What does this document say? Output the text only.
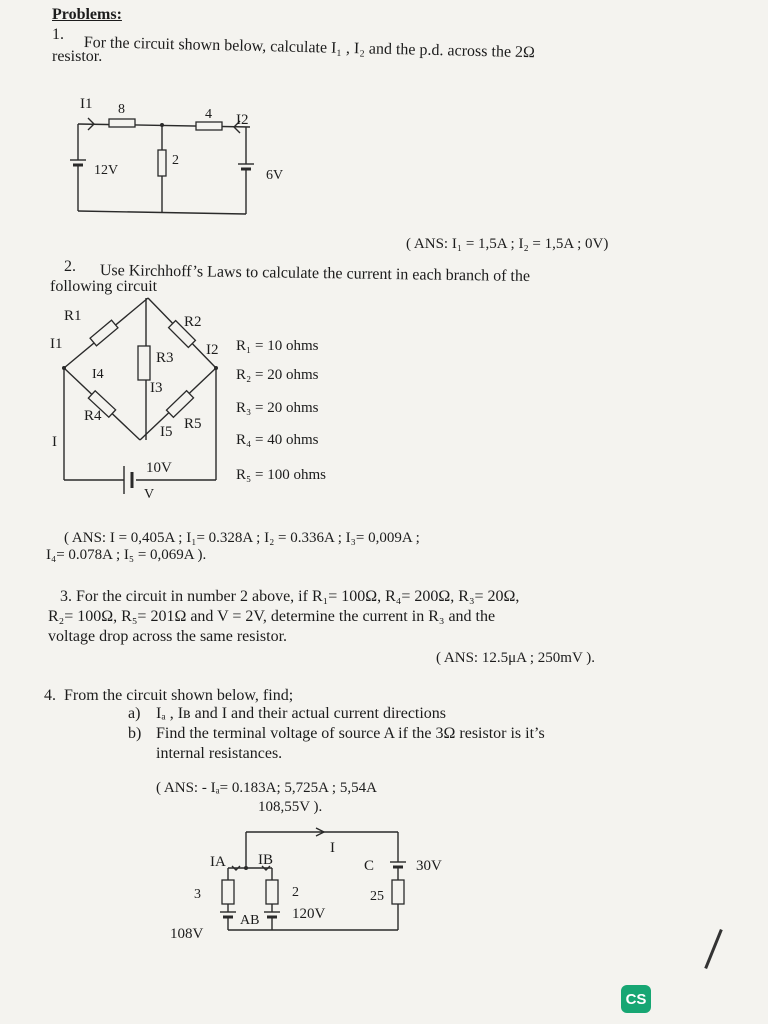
Problems:
1. For the circuit shown below, calculate I₁ , I₂ and the p.d. across the 2Ω
resistor.
I1 8	4 I2
12V
2
6V
( ANS: I₁ = 1,5A ; I₂ = 1,5A ; 0V)
2. Use Kirchhoff’s Laws to calculate the current in each branch of the
following circuit
R1
I1
R2
I2
R3
I3
I4
R4
I5 R5
I
10V
V
R₁ = 10 ohms
R₂ = 20 ohms
R₃ = 20 ohms
R₄ = 40 ohms
R₅ = 100 ohms
( ANS: I = 0,405A ; I₁= 0.328A ; I₂ = 0.336A ; I₃= 0,009A ;
I₄= 0.078A ; I₅ = 0,069A ).
3. For the circuit in number 2 above, if R₁= 100Ω, R₄= 200Ω, R₃= 20Ω,
R₂= 100Ω, R₅= 201Ω and V = 2V, determine the current in R₃ and the
voltage drop across the same resistor.
( ANS: 12.5μA ; 250mV ).
4. From the circuit shown below, find;
a) Iₐ , Iʙ and I and their actual current directions
b) Find the terminal voltage of source A if the 3Ω resistor is it’s
internal resistances.
( ANS: - Iₐ= 0.183A; 5,725A ; 5,54A
108,55V ).
IA IB
I
C	30V
3	2	25
AB 120V
108V
CS
